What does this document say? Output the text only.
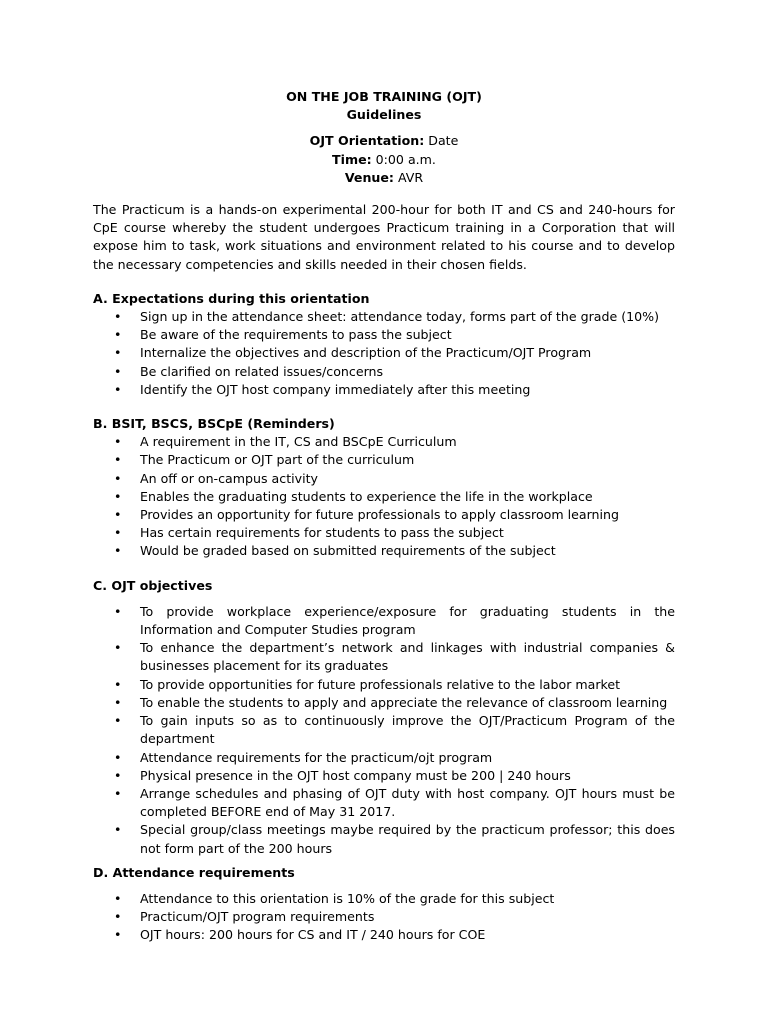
ON THE JOB TRAINING (OJT)
Guidelines
OJT Orientation: Date
Time: 0:00 a.m.
Venue: AVR
The Practicum is a hands-on experimental 200-hour for both IT and CS and 240-hours for CpE course whereby the student undergoes Practicum training in a Corporation that will expose him to task, work situations and environment related to his course and to develop the necessary competencies and skills needed in their chosen fields.
A. Expectations during this orientation
• Sign up in the attendance sheet: attendance today, forms part of the grade (10%)
• Be aware of the requirements to pass the subject
• Internalize the objectives and description of the Practicum/OJT Program
• Be clarified on related issues/concerns
• Identify the OJT host company immediately after this meeting
B. BSIT, BSCS, BSCpE (Reminders)
• A requirement in the IT, CS and BSCpE Curriculum
• The Practicum or OJT part of the curriculum
• An off or on-campus activity
• Enables the graduating students to experience the life in the workplace
• Provides an opportunity for future professionals to apply classroom learning
• Has certain requirements for students to pass the subject
• Would be graded based on submitted requirements of the subject
C. OJT objectives
• To provide workplace experience/exposure for graduating students in the Information and Computer Studies program
• To enhance the department’s network and linkages with industrial companies & businesses placement for its graduates
• To provide opportunities for future professionals relative to the labor market
• To enable the students to apply and appreciate the relevance of classroom learning
• To gain inputs so as to continuously improve the OJT/Practicum Program of the department
• Attendance requirements for the practicum/ojt program
• Physical presence in the OJT host company must be 200 | 240 hours
• Arrange schedules and phasing of OJT duty with host company. OJT hours must be completed BEFORE end of May 31 2017.
• Special group/class meetings maybe required by the practicum professor; this does not form part of the 200 hours
D. Attendance requirements
• Attendance to this orientation is 10% of the grade for this subject
• Practicum/OJT program requirements
• OJT hours: 200 hours for CS and IT / 240 hours for COE
